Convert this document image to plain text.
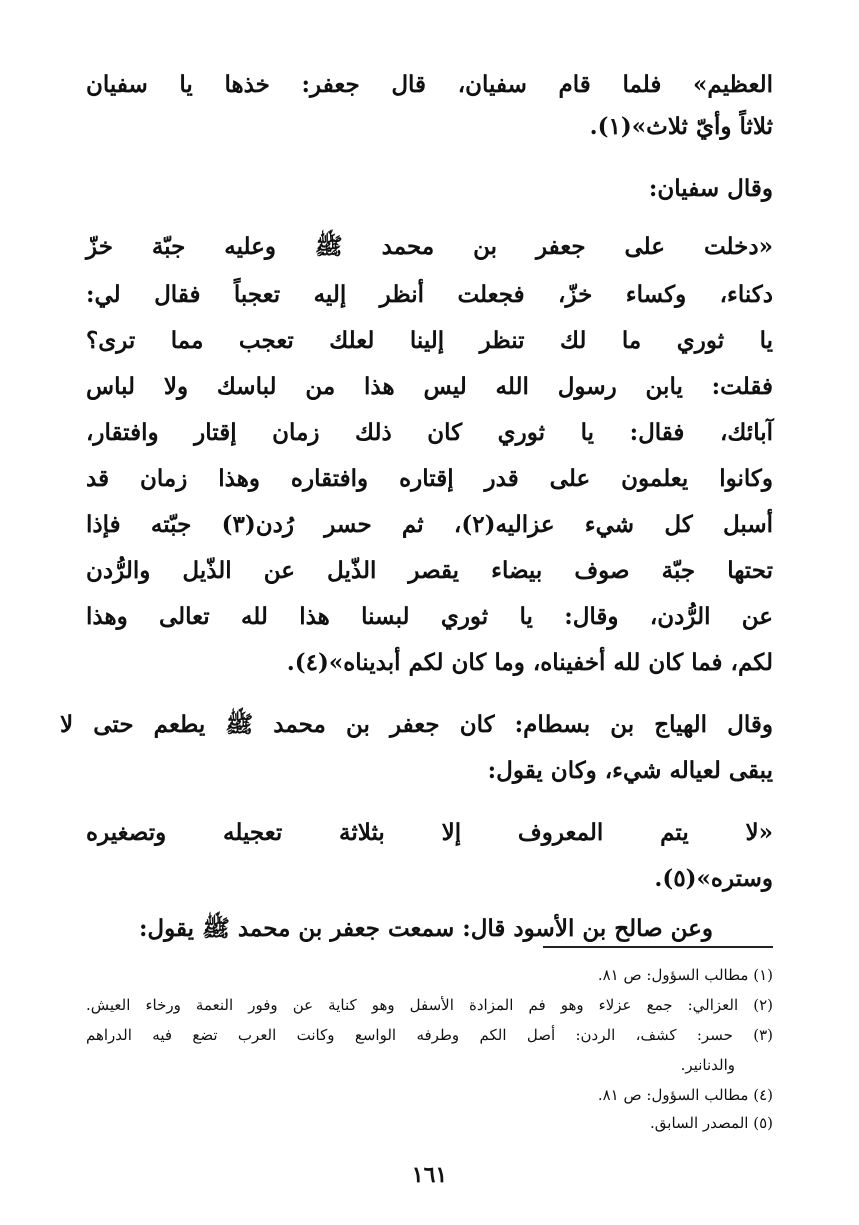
العظيم» فلما قام سفيان، قال جعفر: خذها يا سفيان
ثلاثاً وأيّ ثلاث»(١).
وقال سفيان:
«دخلت على جعفر بن محمد ﷺ وعليه جبّة خزّ
دكناء، وكساء خزّ، فجعلت أنظر إليه تعجباً فقال لي:
يا ثوري ما لك تنظر إلينا لعلك تعجب مما ترى؟
فقلت: يابن رسول الله ليس هذا من لباسك ولا لباس
آبائك، فقال: يا ثوري كان ذلك زمان إقتار وافتقار،
وكانوا يعلمون على قدر إقتاره وافتقاره وهذا زمان قد
أسبل كل شيء عزاليه(٢)، ثم حسر رُدن(٣) جبّته فإذا
تحتها جبّة صوف بيضاء يقصر الذّيل عن الذّيل والرُّدن
عن الرُّدن، وقال: يا ثوري لبسنا هذا لله تعالى وهذا
لكم، فما كان لله أخفيناه، وما كان لكم أبديناه»(٤).
وقال الهياج بن بسطام: كان جعفر بن محمد ﷺ يطعم حتى لا
يبقى لعياله شيء، وكان يقول:
«لا يتم المعروف إلا بثلاثة تعجيله وتصغيره
وستره»(٥).
وعن صالح بن الأسود قال: سمعت جعفر بن محمد ﷺ يقول:
(١) مطالب السؤول: ص ٨١.
(٢) العزالي: جمع عزلاء وهو فم المزادة الأسفل وهو كناية عن وفور النعمة ورخاء العيش.
(٣) حسر: كشف، الردن: أصل الكم وطرفه الواسع وكانت العرب تضع فيه الدراهم
والدنانير.
(٤) مطالب السؤول: ص ٨١.
(٥) المصدر السابق.
١٦١
